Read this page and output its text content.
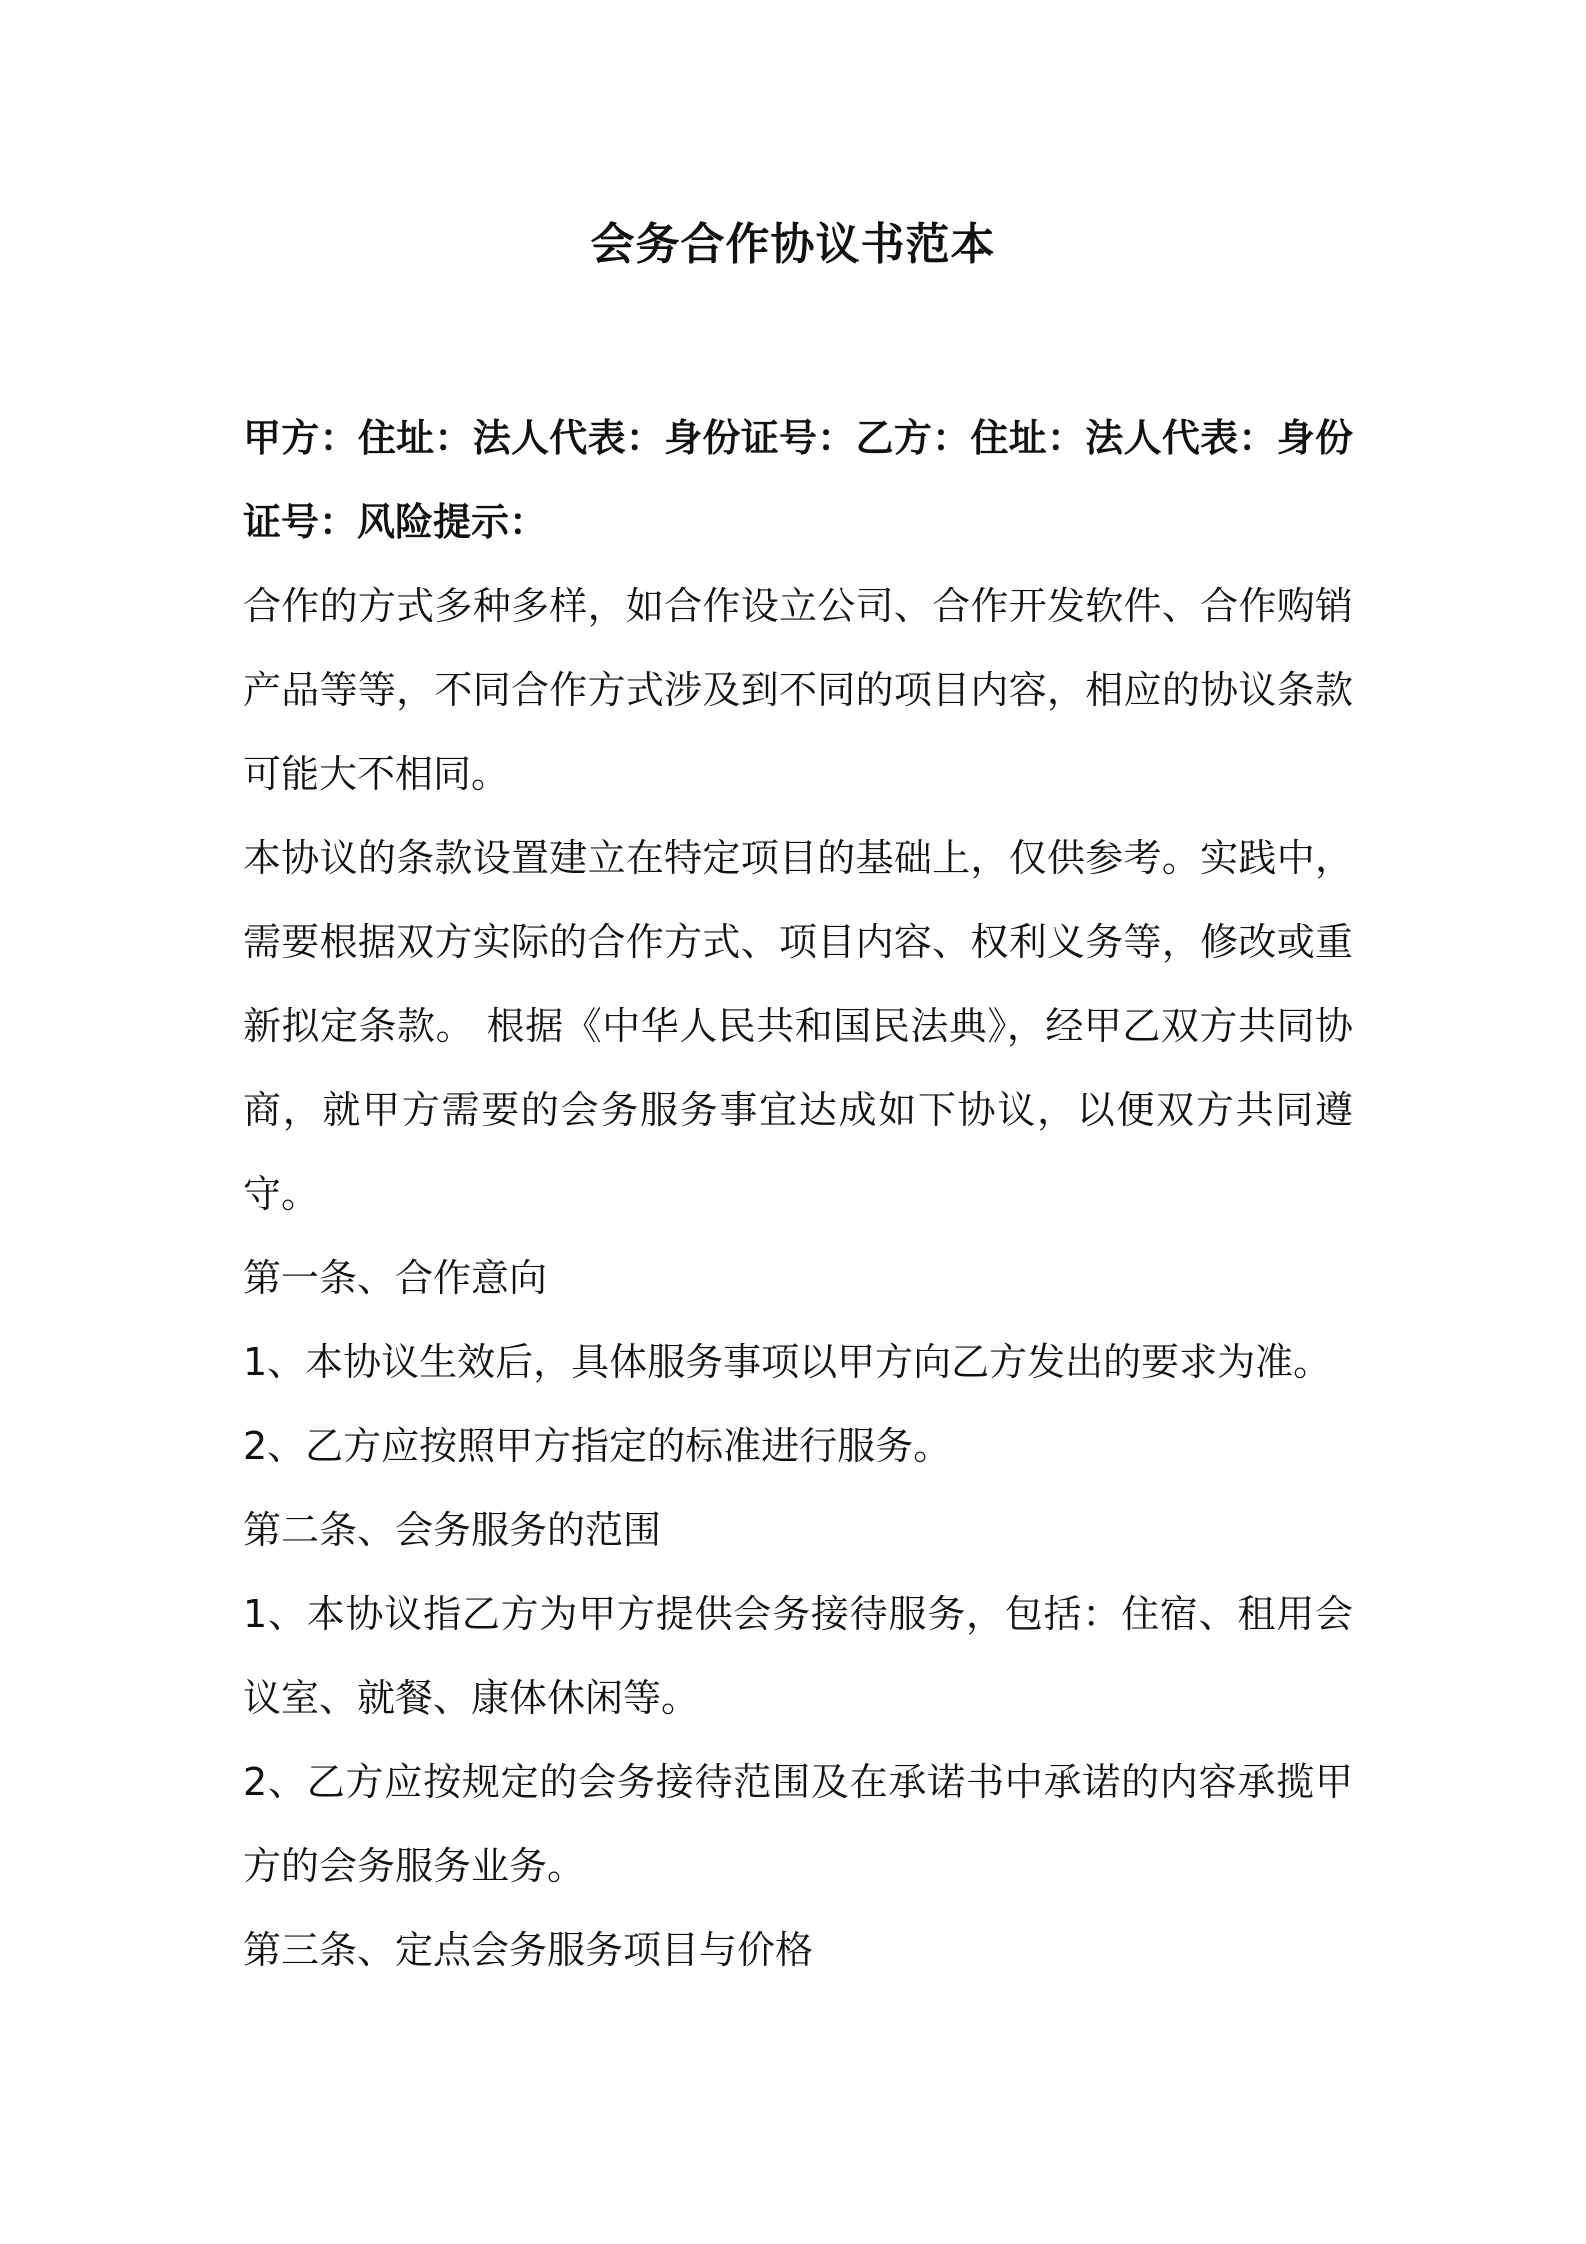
会务合作协议书范本

甲方：住址：法人代表：身份证号：乙方：住址：法人代表：身份证号：风险提示：

合作的方式多种多样，如合作设立公司、合作开发软件、合作购销产品等等，不同合作方式涉及到不同的项目内容，相应的协议条款可能大不相同。

本协议的条款设置建立在特定项目的基础上，仅供参考。实践中，需要根据双方实际的合作方式、项目内容、权利义务等，修改或重新拟定条款。 根据《中华人民共和国民法典》，经甲乙双方共同协商，就甲方需要的会务服务事宜达成如下协议，以便双方共同遵守。

第一条、合作意向

1、本协议生效后，具体服务事项以甲方向乙方发出的要求为准。

2、乙方应按照甲方指定的标准进行服务。

第二条、会务服务的范围

1、本协议指乙方为甲方提供会务接待服务，包括：住宿、租用会议室、就餐、康体休闲等。

2、乙方应按规定的会务接待范围及在承诺书中承诺的内容承揽甲方的会务服务业务。

第三条、定点会务服务项目与价格
